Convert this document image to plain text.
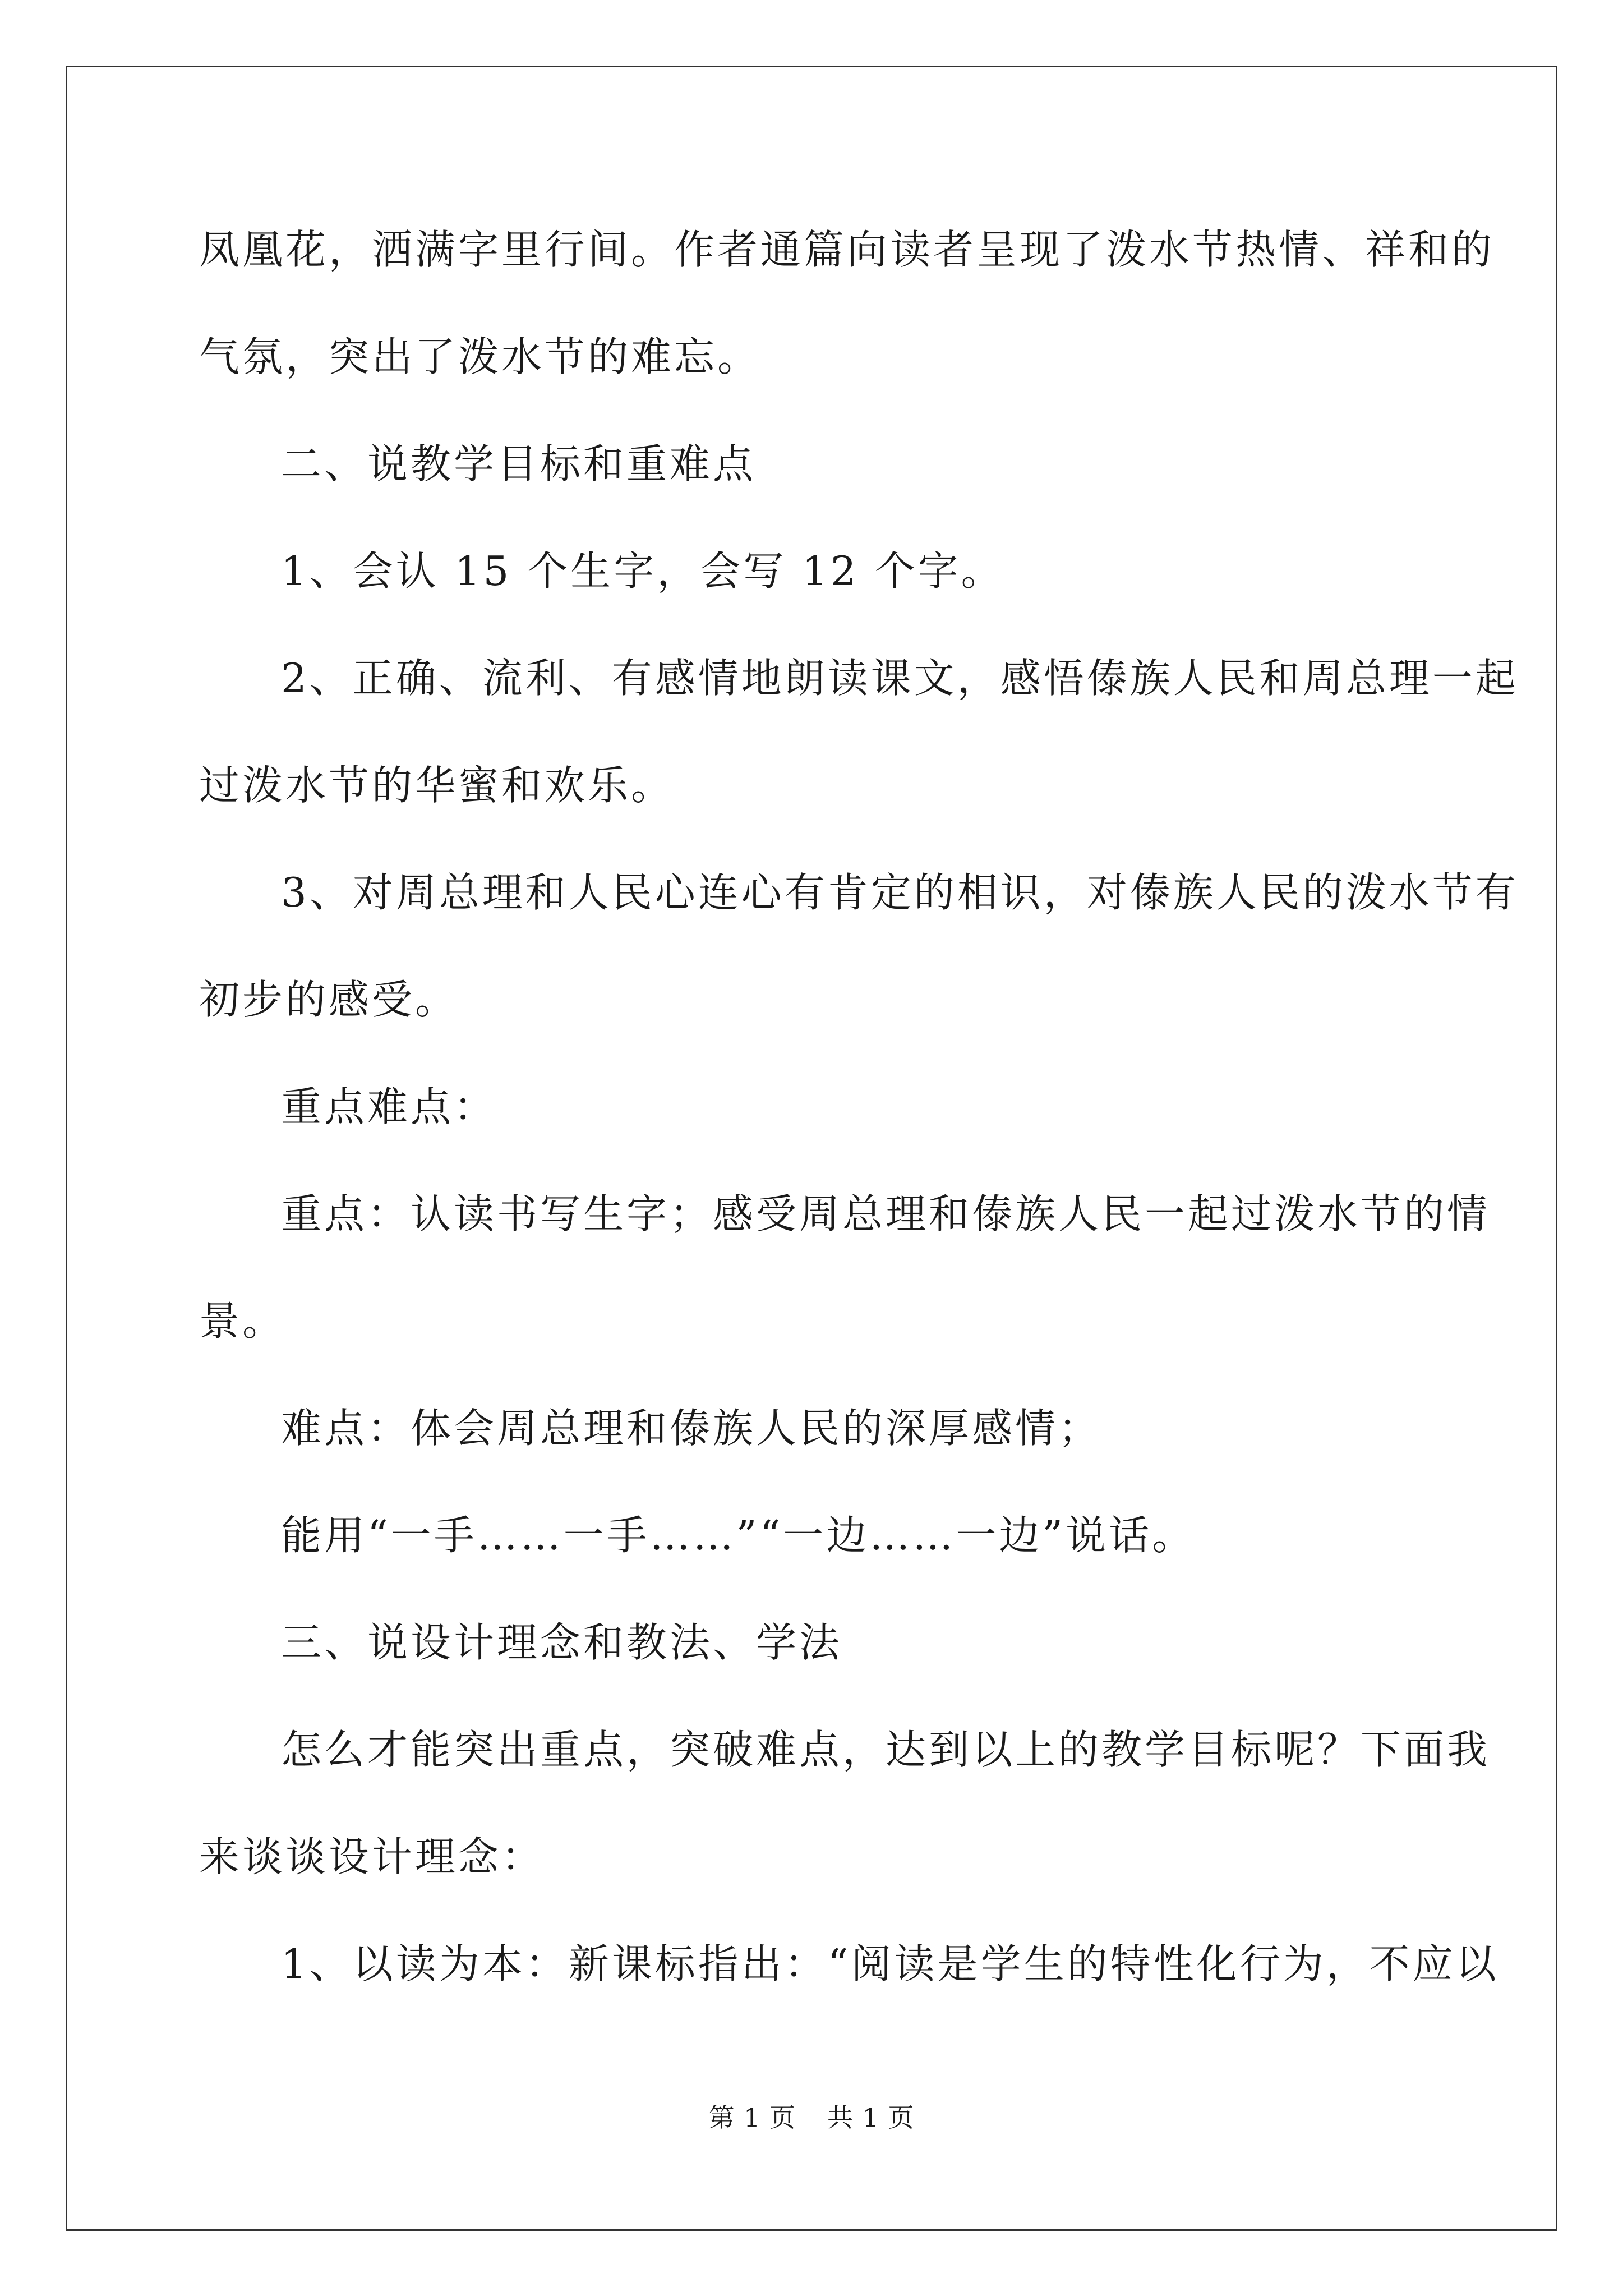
凤凰花，洒满字里行间。作者通篇向读者呈现了泼水节热情、祥和的

气氛，突出了泼水节的难忘。

二、说教学目标和重难点

1、会认 15 个生字，会写 12 个字。

2、正确、流利、有感情地朗读课文，感悟傣族人民和周总理一起

过泼水节的华蜜和欢乐。

3、对周总理和人民心连心有肯定的相识，对傣族人民的泼水节有

初步的感受。

重点难点：

重点：认读书写生字；感受周总理和傣族人民一起过泼水节的情

景。

难点：体会周总理和傣族人民的深厚感情；

能用“一手……一手……”“一边……一边”说话。

三、说设计理念和教法、学法

怎么才能突出重点，突破难点，达到以上的教学目标呢？下面我

来谈谈设计理念：

1、以读为本：新课标指出：“阅读是学生的特性化行为，不应以

第 1 页 共 1 页
